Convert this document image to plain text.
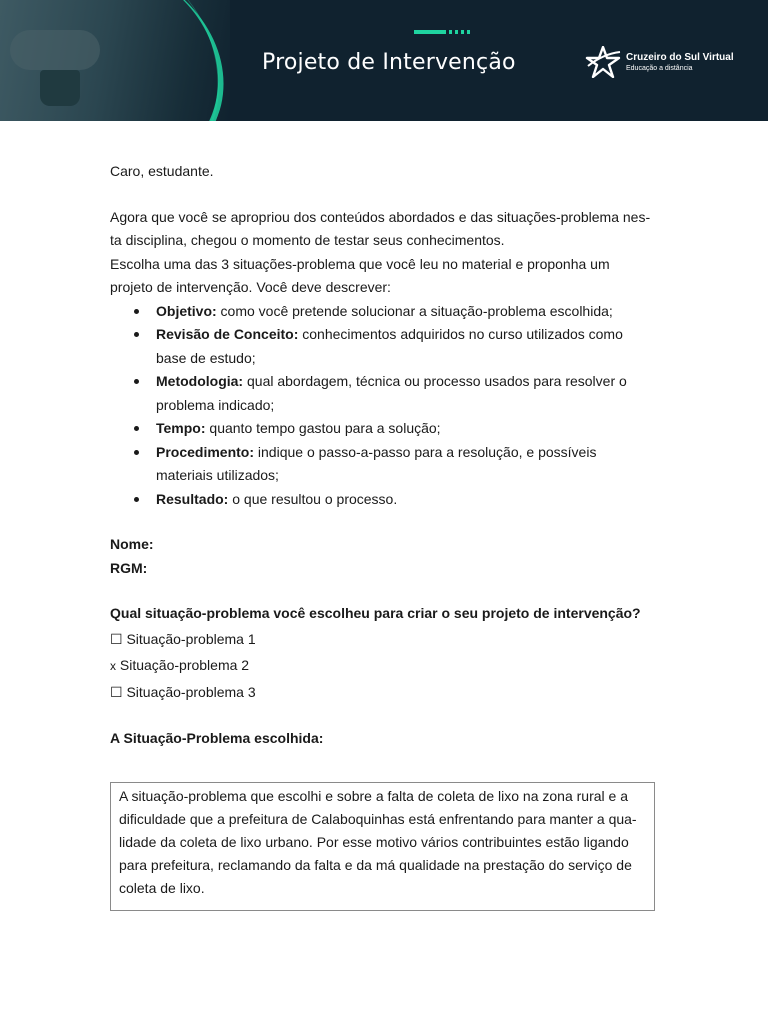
Projeto de Intervenção	Cruzeiro do Sul Virtual
Educação a distância

Caro, estudante.

Agora que você se apropriou dos conteúdos abordados e das situações-problema nes-

ta disciplina, chegou o momento de testar seus conhecimentos.

Escolha uma das 3 situações-problema que você leu no material e proponha um

projeto de intervenção. Você deve descrever:

Objetivo: como você pretende solucionar a situação-problema escolhida;
Revisão de Conceito: conhecimentos adquiridos no curso utilizados como
base de estudo;
Metodologia: qual abordagem, técnica ou processo usados para resolver o
problema indicado;
Tempo: quanto tempo gastou para a solução;
Procedimento: indique o passo-a-passo para a resolução, e possíveis
materiais utilizados;
Resultado: o que resultou o processo.

Nome:

RGM:

Qual situação-problema você escolheu para criar o seu projeto de intervenção?

☐ Situação-problema 1

x Situação-problema 2

☐ Situação-problema 3

A Situação-Problema escolhida:

A situação-problema que escolhi e sobre a falta de coleta de lixo na zona rural e a

dificuldade que a prefeitura de Calaboquinhas está enfrentando para manter a qua-

lidade da coleta de lixo urbano. Por esse motivo vários contribuintes estão ligando

para prefeitura, reclamando da falta e da má qualidade na prestação do serviço de

coleta de lixo.
